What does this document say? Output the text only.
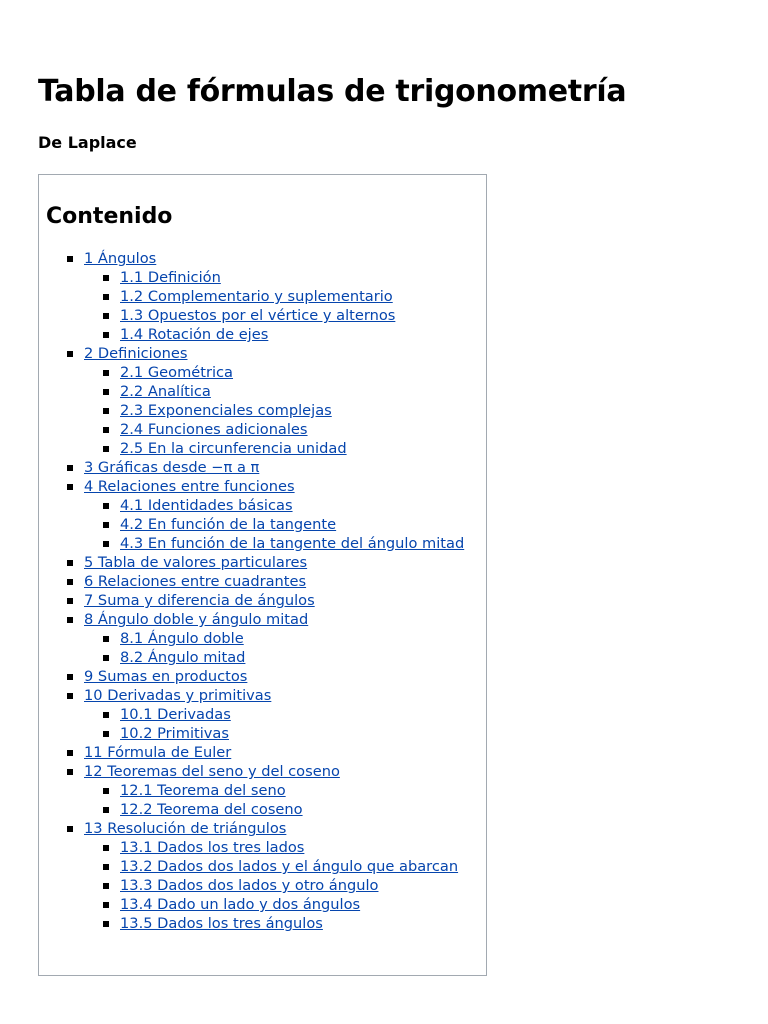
Tabla de fórmulas de trigonometría
De Laplace
Contenido
1 Ángulos
1.1 Definición
1.2 Complementario y suplementario
1.3 Opuestos por el vértice y alternos
1.4 Rotación de ejes
2 Definiciones
2.1 Geométrica
2.2 Analítica
2.3 Exponenciales complejas
2.4 Funciones adicionales
2.5 En la circunferencia unidad
3 Gráficas desde −π a π
4 Relaciones entre funciones
4.1 Identidades básicas
4.2 En función de la tangente
4.3 En función de la tangente del ángulo mitad
5 Tabla de valores particulares
6 Relaciones entre cuadrantes
7 Suma y diferencia de ángulos
8 Ángulo doble y ángulo mitad
8.1 Ángulo doble
8.2 Ángulo mitad
9 Sumas en productos
10 Derivadas y primitivas
10.1 Derivadas
10.2 Primitivas
11 Fórmula de Euler
12 Teoremas del seno y del coseno
12.1 Teorema del seno
12.2 Teorema del coseno
13 Resolución de triángulos
13.1 Dados los tres lados
13.2 Dados dos lados y el ángulo que abarcan
13.3 Dados dos lados y otro ángulo
13.4 Dado un lado y dos ángulos
13.5 Dados los tres ángulos
